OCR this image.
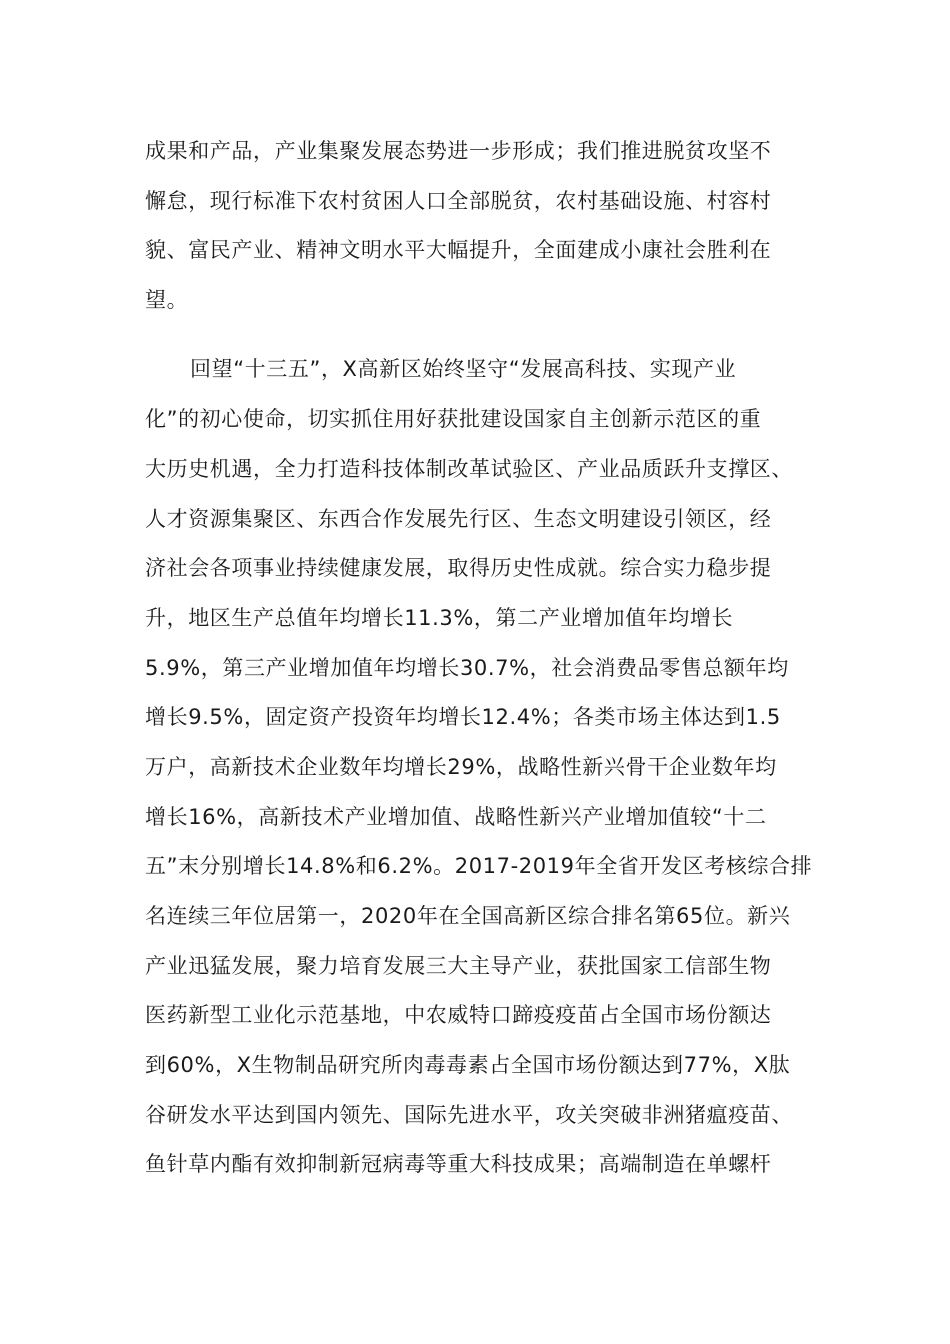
成果和产品，产业集聚发展态势进一步形成；我们推进脱贫攻坚不
懈怠，现行标准下农村贫困人口全部脱贫，农村基础设施、村容村
貌、富民产业、精神文明水平大幅提升，全面建成小康社会胜利在
望。
回望“十三五”，X高新区始终坚守“发展高科技、实现产业
化”的初心使命，切实抓住用好获批建设国家自主创新示范区的重
大历史机遇，全力打造科技体制改革试验区、产业品质跃升支撑区、
人才资源集聚区、东西合作发展先行区、生态文明建设引领区，经
济社会各项事业持续健康发展，取得历史性成就。综合实力稳步提
升，地区生产总值年均增长11.3%，第二产业增加值年均增长
5.9%，第三产业增加值年均增长30.7%，社会消费品零售总额年均
增长9.5%，固定资产投资年均增长12.4%；各类市场主体达到1.5
万户，高新技术企业数年均增长29%，战略性新兴骨干企业数年均
增长16%，高新技术产业增加值、战略性新兴产业增加值较“十二
五”末分别增长14.8%和6.2%。2017-2019年全省开发区考核综合排
名连续三年位居第一，2020年在全国高新区综合排名第65位。新兴
产业迅猛发展，聚力培育发展三大主导产业，获批国家工信部生物
医药新型工业化示范基地，中农威特口蹄疫疫苗占全国市场份额达
到60%，X生物制品研究所肉毒毒素占全国市场份额达到77%，X肽
谷研发水平达到国内领先、国际先进水平，攻关突破非洲猪瘟疫苗、
鱼针草内酯有效抑制新冠病毒等重大科技成果；高端制造在单螺杆
